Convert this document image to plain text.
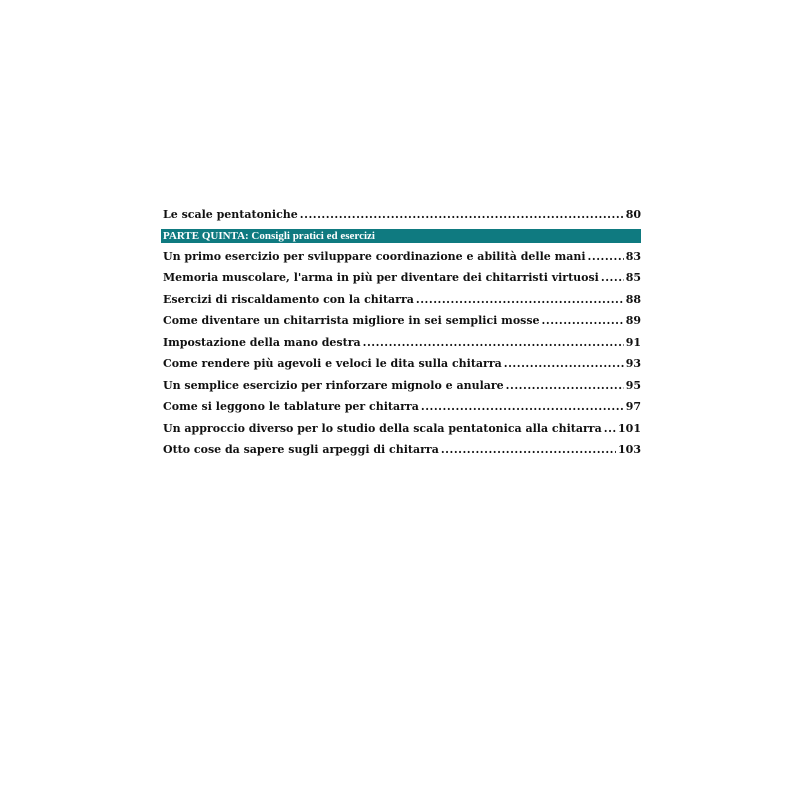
Le scale pentatoniche .....	80
PARTE QUINTA: Consigli pratici ed esercizi
Un primo esercizio per sviluppare coordinazione e abilità delle mani .....	83
Memoria muscolare, l'arma in più per diventare dei chitarristi virtuosi ..... 85
Esercizi di riscaldamento con la chitarra .....	88
Come diventare un chitarrista migliore in sei semplici mosse .....	89
Impostazione della mano destra .....	91
Come rendere più agevoli e veloci le dita sulla chitarra .....	93
Un semplice esercizio per rinforzare mignolo e anulare .....	95
Come si leggono le tablature per chitarra .....	97
Un approccio diverso per lo studio della scala pentatonica alla chitarra ..... 101
Otto cose da sapere sugli arpeggi di chitarra .....	103
